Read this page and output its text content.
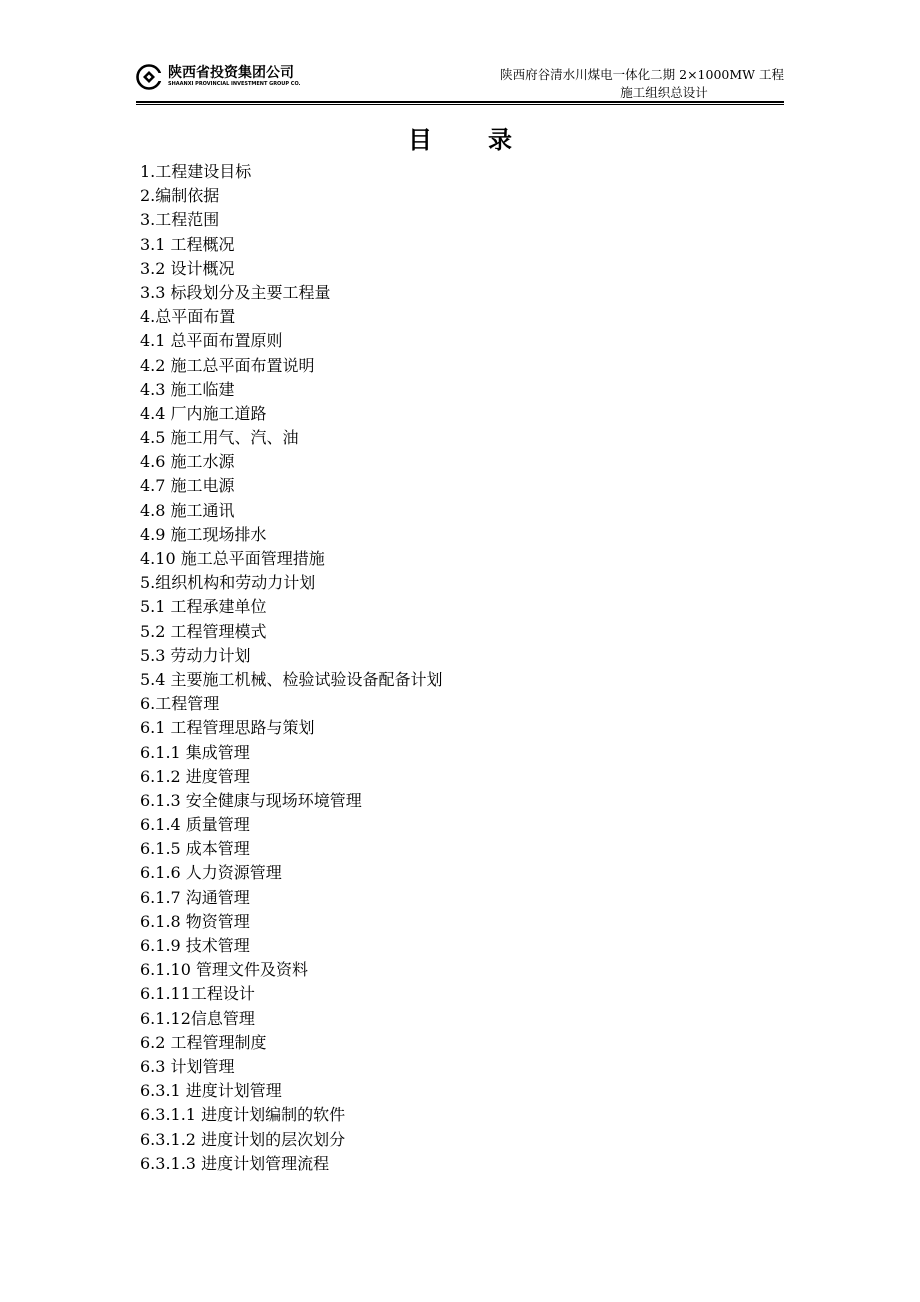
陕西省投资集团公司
SHAANXI PROVINCIAL INVESTMENT GROUP CO.
陕西府谷清水川煤电一体化二期 2×1000MW 工程
施工组织总设计
目录
1.工程建设目标
2.编制依据
3.工程范围
3.1 工程概况
3.2 设计概况
3.3 标段划分及主要工程量
4.总平面布置
4.1 总平面布置原则
4.2 施工总平面布置说明
4.3 施工临建
4.4 厂内施工道路
4.5 施工用气、汽、油
4.6 施工水源
4.7 施工电源
4.8 施工通讯
4.9 施工现场排水
4.10 施工总平面管理措施
5.组织机构和劳动力计划
5.1 工程承建单位
5.2 工程管理模式
5.3 劳动力计划
5.4 主要施工机械、检验试验设备配备计划
6.工程管理
6.1 工程管理思路与策划
6.1.1 集成管理
6.1.2 进度管理
6.1.3 安全健康与现场环境管理
6.1.4 质量管理
6.1.5 成本管理
6.1.6 人力资源管理
6.1.7 沟通管理
6.1.8 物资管理
6.1.9 技术管理
6.1.10 管理文件及资料
6.1.11工程设计
6.1.12信息管理
6.2 工程管理制度
6.3 计划管理
6.3.1 进度计划管理
6.3.1.1 进度计划编制的软件
6.3.1.2 进度计划的层次划分
6.3.1.3 进度计划管理流程
